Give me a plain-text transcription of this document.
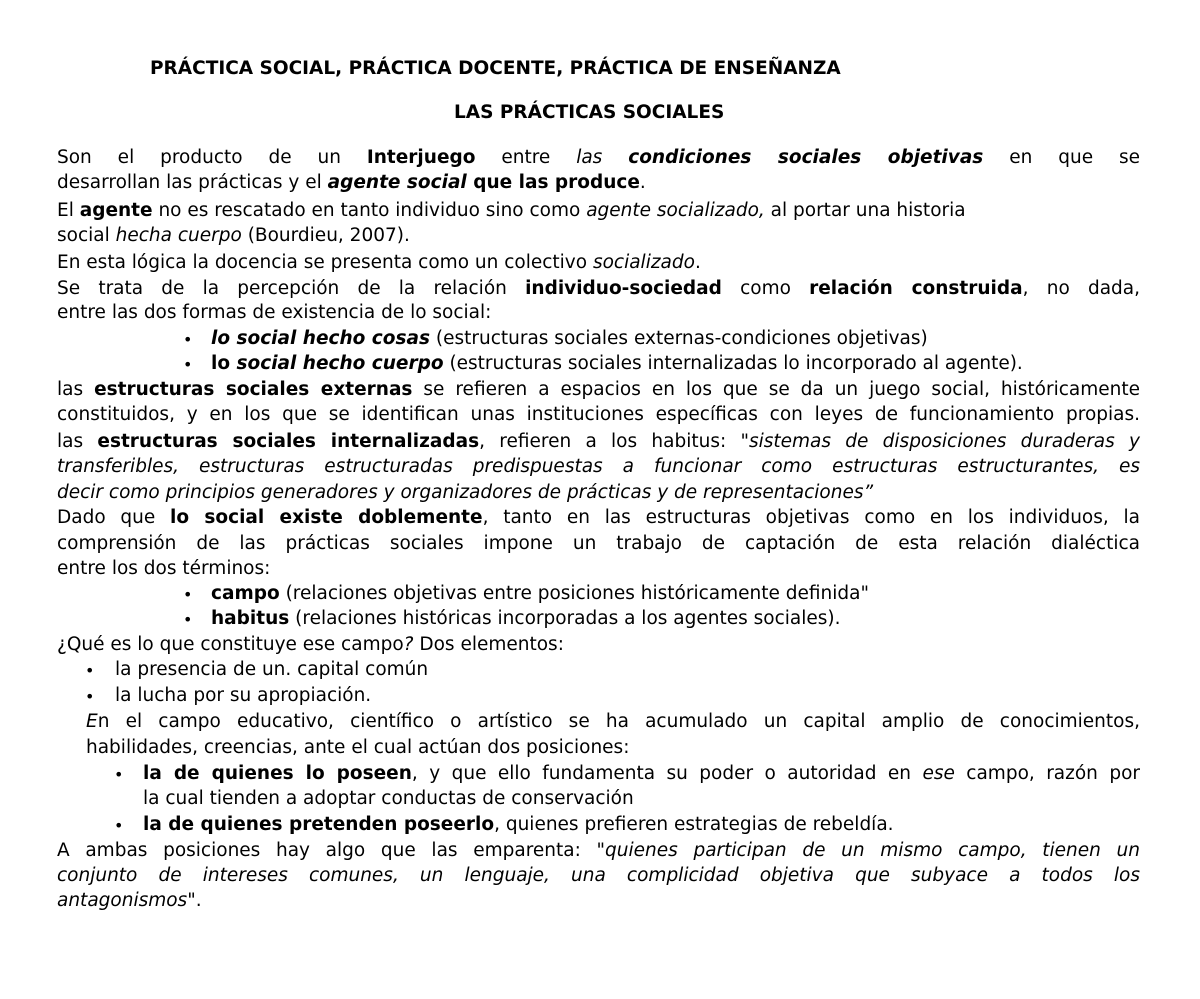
PRÁCTICA SOCIAL, PRÁCTICA DOCENTE, PRÁCTICA DE ENSEÑANZA
LAS PRÁCTICAS SOCIALES
Son el producto de un Interjuego entre las condiciones sociales objetivas en que se
desarrollan las prácticas y el agente social que las produce.
El agente no es rescatado en tanto individuo sino como agente socializado, al portar una historia
social hecha cuerpo (Bourdieu, 2007).
En esta lógica la docencia se presenta como un colectivo socializado.
Se trata de la percepción de la relación individuo-sociedad como relación construida, no dada,
entre las dos formas de existencia de lo social:
• lo social hecho cosas (estructuras sociales externas-condiciones objetivas)
• lo social hecho cuerpo (estructuras sociales internalizadas lo incorporado al agente).
las estructuras sociales externas se refieren a espacios en los que se da un juego social, históricamente
constituidos, y en los que se identifican unas instituciones específicas con leyes de funcionamiento propias.
las estructuras sociales internalizadas, refieren a los habitus: "sistemas de disposiciones duraderas y
transferibles, estructuras estructuradas predispuestas a funcionar como estructuras estructurantes, es
decir como principios generadores y organizadores de prácticas y de representaciones”
Dado que lo social existe doblemente, tanto en las estructuras objetivas como en los individuos, la
comprensión de las prácticas sociales impone un trabajo de captación de esta relación dialéctica
entre los dos términos:
• campo (relaciones objetivas entre posiciones históricamente definida"
• habitus (relaciones históricas incorporadas a los agentes sociales).
¿Qué es lo que constituye ese campo? Dos elementos:
• la presencia de un. capital común
• la lucha por su apropiación.
En el campo educativo, científico o artístico se ha acumulado un capital amplio de conocimientos,
habilidades, creencias, ante el cual actúan dos posiciones:
• la de quienes lo poseen, y que ello fundamenta su poder o autoridad en ese campo, razón por
la cual tienden a adoptar conductas de conservación
• la de quienes pretenden poseerlo, quienes prefieren estrategias de rebeldía.
A ambas posiciones hay algo que las emparenta: "quienes participan de un mismo campo, tienen un
conjunto de intereses comunes, un lenguaje, una complicidad objetiva que subyace a todos los
antagonismos".
